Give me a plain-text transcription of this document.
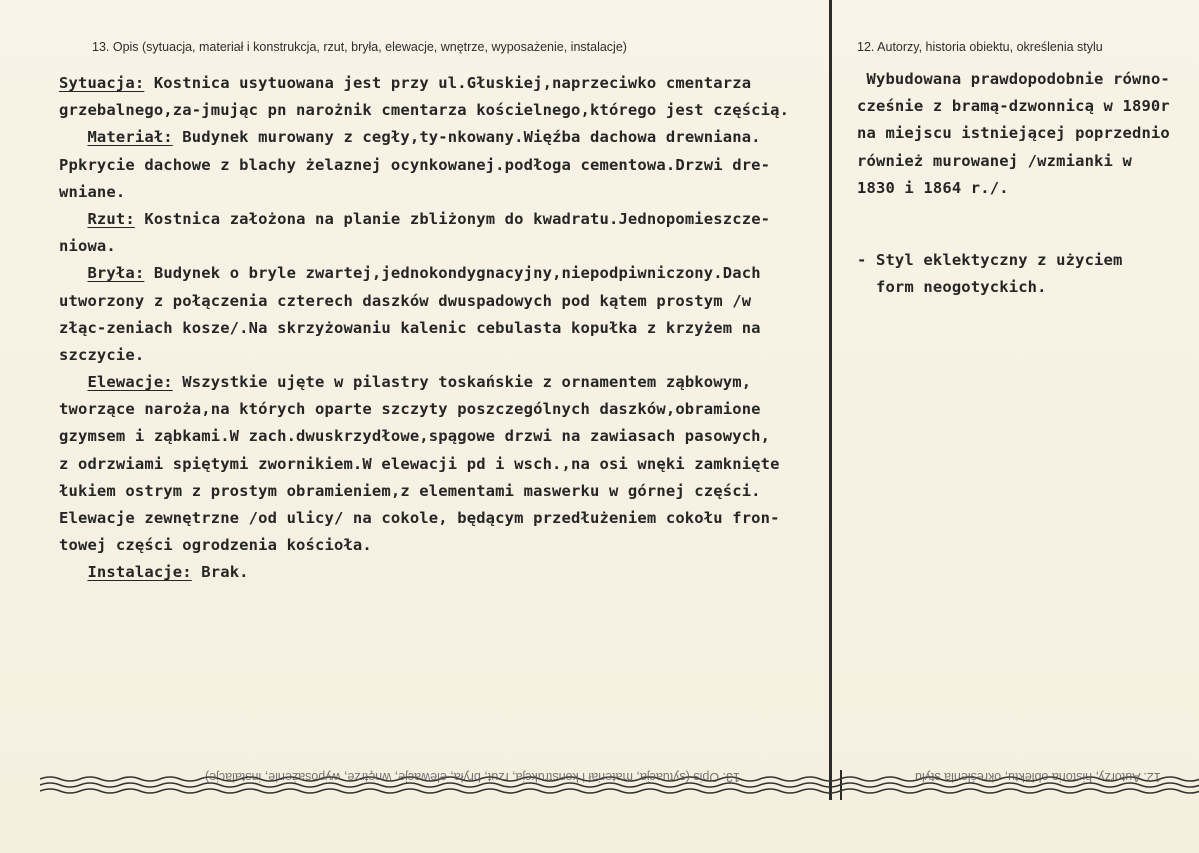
13. Opis (sytuacja, materiał i konstrukcja, rzut, bryła, elewacje, wnętrze, wyposażenie, instalacje)	12. Autorzy, historia obiektu, określenia stylu
Sytuacja: Kostnica usytuowana jest przy ul.Głuskiej,naprzeciwko cmentarza
grzebalnego,za-jmując pn narożnik cmentarza kościelnego,którego jest częścią.
Materiał: Budynek murowany z cegły,ty-nkowany.Więźba dachowa drewniana.
Ppkrycie dachowe z blachy żelaznej ocynkowanej.podłoga cementowa.Drzwi dre-
wniane.
Rzut: Kostnica założona na planie zbliżonym do kwadratu.Jednopomieszcze-
niowa.
Bryła: Budynek o bryle zwartej,jednokondygnacyjny,niepodpiwniczony.Dach
utworzony z połączenia czterech daszków dwuspadowych pod kątem prostym /w
złąc-zeniach kosze/.Na skrzyżowaniu kalenic cebulasta kopułka z krzyżem na
szczycie.
Elewacje: Wszystkie ujęte w pilastry toskańskie z ornamentem ząbkowym,
tworzące naroża,na których oparte szczyty poszczególnych daszków,obramione
gzymsem i ząbkami.W zach.dwuskrzydłowe,spągowe drzwi na zawiasach pasowych,
z odrzwiami spiętymi zwornikiem.W elewacji pd i wsch.,na osi wnęki zamknięte
łukiem ostrym z prostym obramieniem,z elementami maswerku w górnej części.
Elewacje zewnętrzne /od ulicy/ na cokole, będącym przedłużeniem cokołu fron-
towej części ogrodzenia kościoła.
Instalacje: Brak.
Wybudowana prawdopodobnie równo-
cześnie z bramą-dzwonnicą w 1890r
na miejscu istniejącej poprzednio
również murowanej /wzmianki w
1830 i 1864 r./.
- Styl eklektyczny z użyciem
form neogotyckich.
13. Opis (sytuacja, materiał i konstrukcja, rzut, bryła, elewacje, wnętrze, wyposażenie, instalacje)	12. Autorzy, historia obiektu, określenia stylu
